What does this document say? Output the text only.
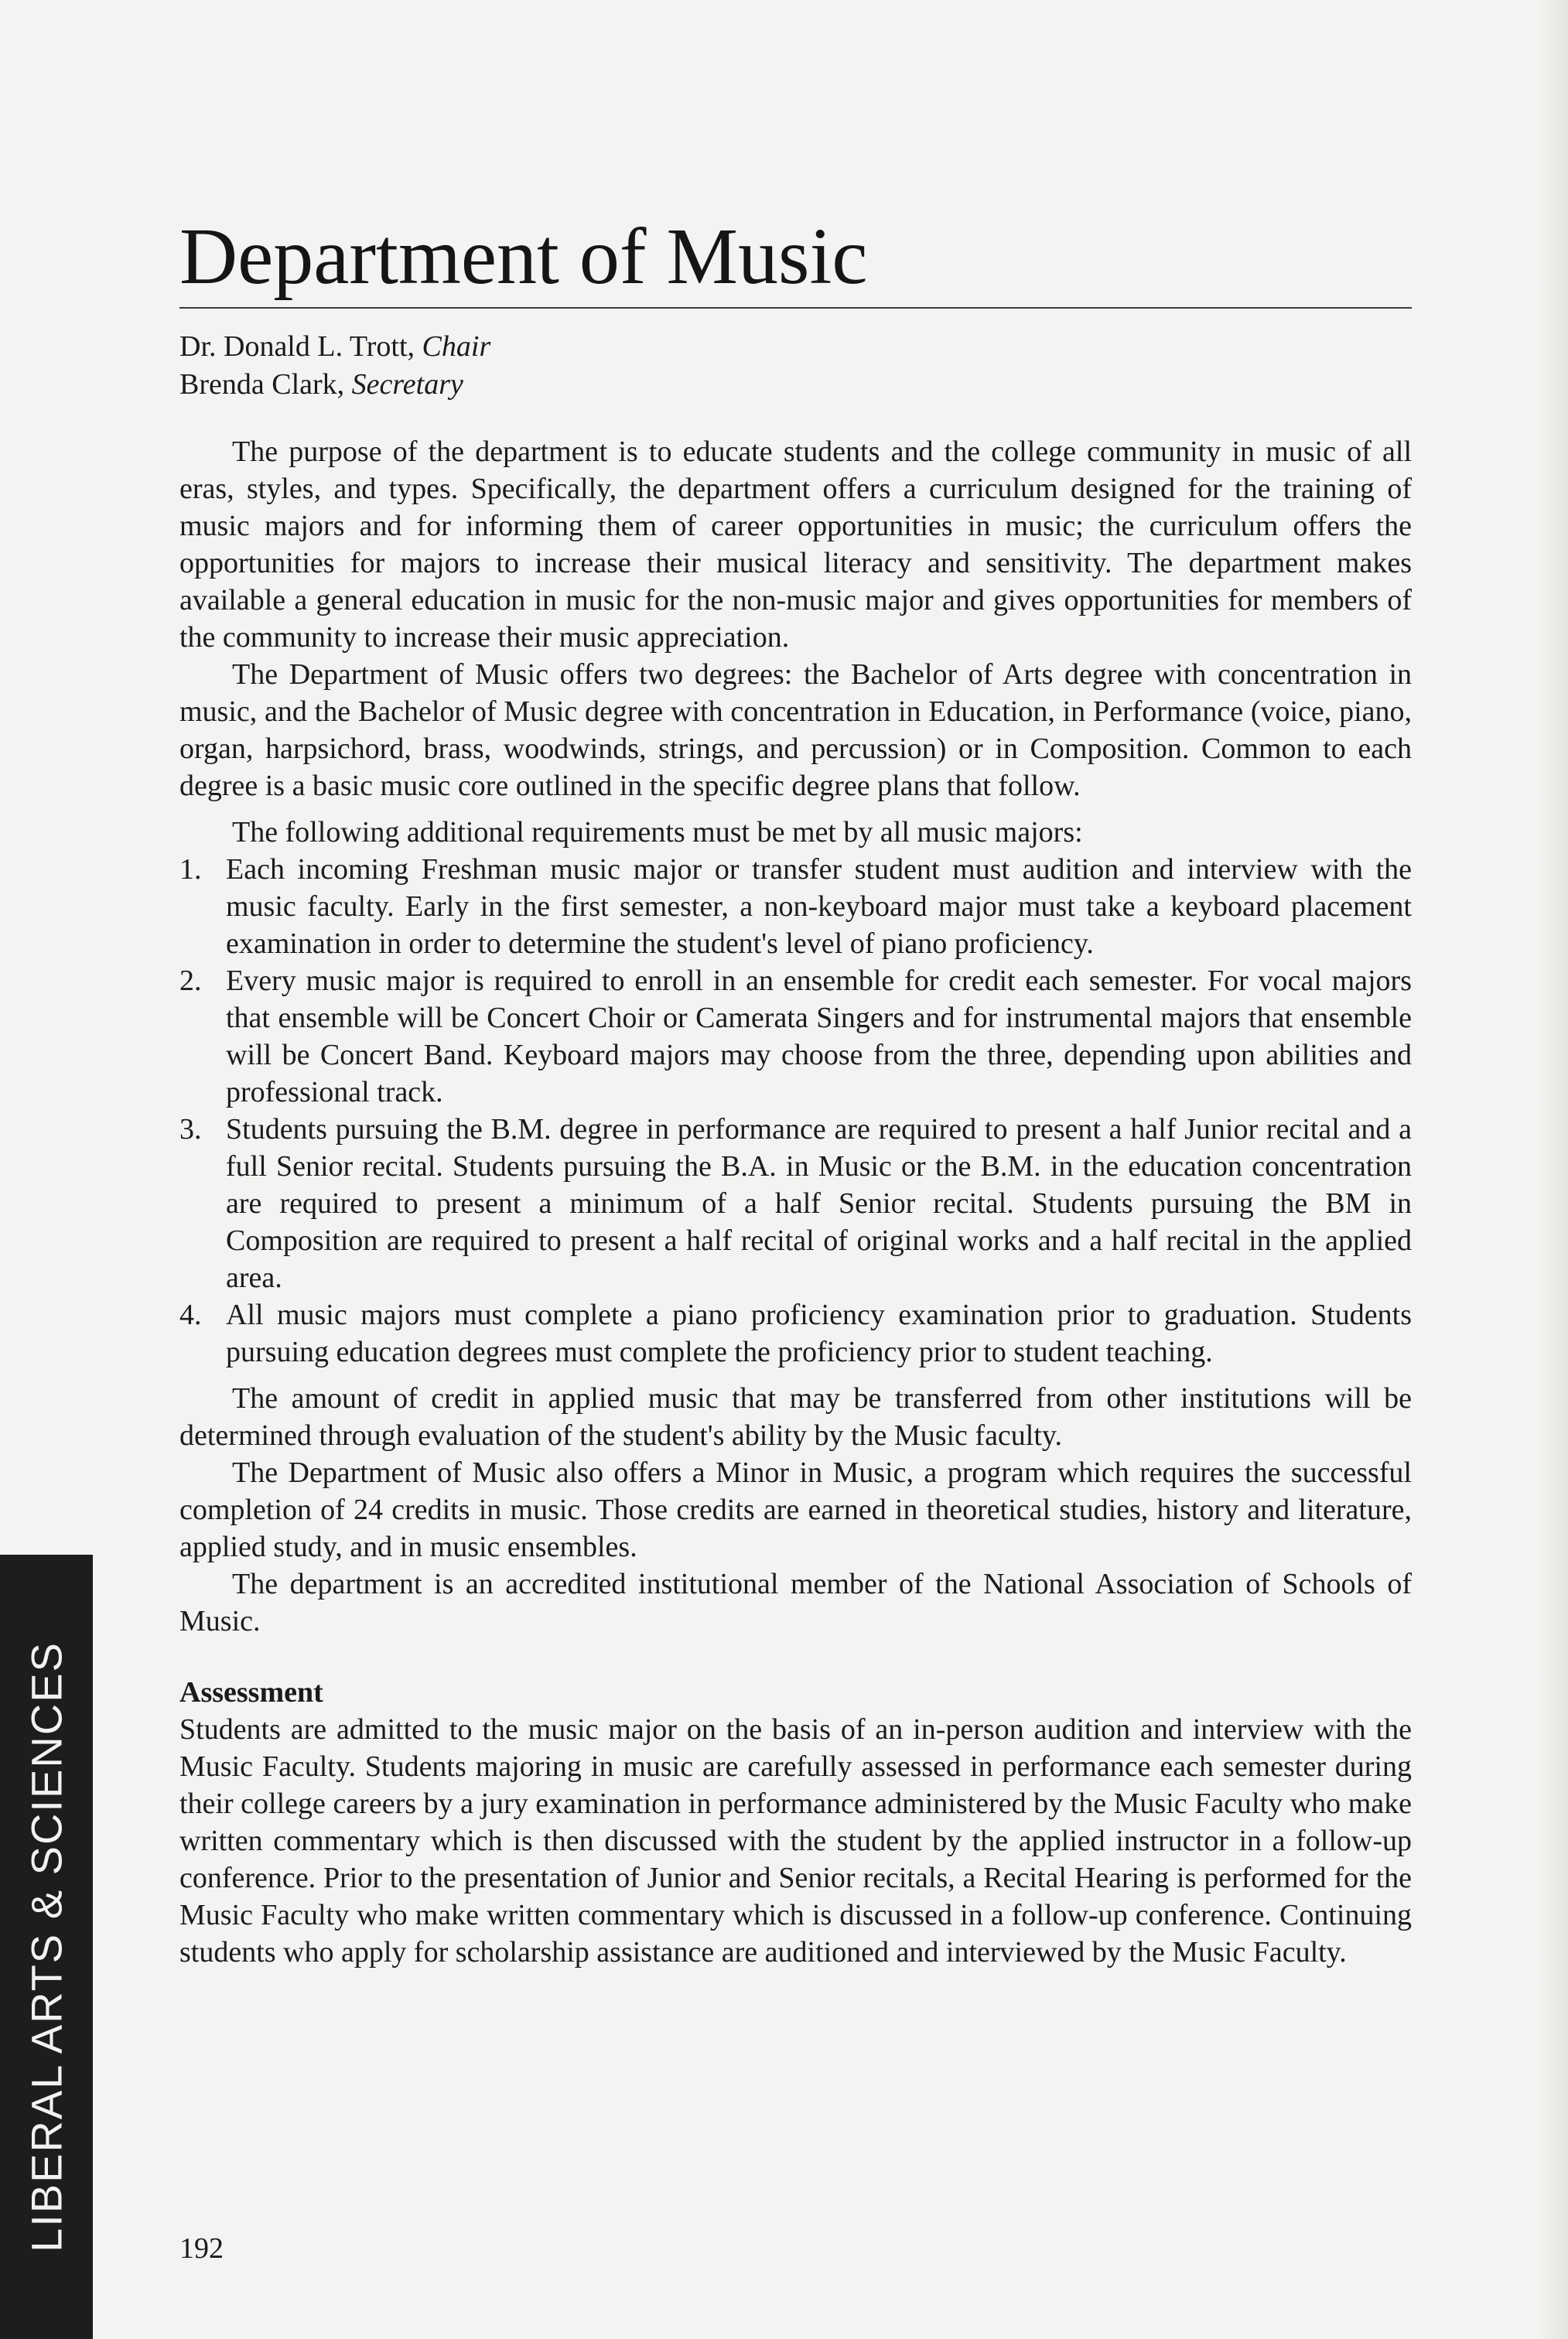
LIBERAL ARTS & SCIENCES
Department of Music
Dr. Donald L. Trott, Chair
Brenda Clark, Secretary

The purpose of the department is to educate students and the college community in music of all eras, styles, and types. Specifically, the department offers a curriculum designed for the training of music majors and for informing them of career opportunities in music; the curriculum offers the opportunities for majors to increase their musical literacy and sensitivity. The department makes available a general education in music for the non-music major and gives opportunities for members of the community to increase their music appreciation.

The Department of Music offers two degrees: the Bachelor of Arts degree with concentration in music, and the Bachelor of Music degree with concentration in Education, in Performance (voice, piano, organ, harpsichord, brass, woodwinds, strings, and percussion) or in Composition. Common to each degree is a basic music core outlined in the specific degree plans that follow.

The following additional requirements must be met by all music majors:

1. Each incoming Freshman music major or transfer student must audition and interview with the music faculty. Early in the first semester, a non-keyboard major must take a keyboard placement examination in order to determine the student's level of piano proficiency.
2. Every music major is required to enroll in an ensemble for credit each semester. For vocal majors that ensemble will be Concert Choir or Camerata Singers and for instrumental majors that ensemble will be Concert Band. Keyboard majors may choose from the three, depending upon abilities and professional track.
3. Students pursuing the B.M. degree in performance are required to present a half Junior recital and a full Senior recital. Students pursuing the B.A. in Music or the B.M. in the education concentration are required to present a minimum of a half Senior recital. Students pursuing the BM in Composition are required to present a half recital of original works and a half recital in the applied area.
4. All music majors must complete a piano proficiency examination prior to graduation. Students pursuing education degrees must complete the proficiency prior to student teaching.

The amount of credit in applied music that may be transferred from other institutions will be determined through evaluation of the student's ability by the Music faculty.

The Department of Music also offers a Minor in Music, a program which requires the successful completion of 24 credits in music. Those credits are earned in theoretical studies, history and literature, applied study, and in music ensembles.

The department is an accredited institutional member of the National Association of Schools of Music.

Assessment

Students are admitted to the music major on the basis of an in-person audition and interview with the Music Faculty. Students majoring in music are carefully assessed in performance each semester during their college careers by a jury examination in performance administered by the Music Faculty who make written commentary which is then discussed with the student by the applied instructor in a follow-up conference. Prior to the presentation of Junior and Senior recitals, a Recital Hearing is performed for the Music Faculty who make written commentary which is discussed in a follow-up conference. Continuing students who apply for scholarship assistance are auditioned and interviewed by the Music Faculty.

192
